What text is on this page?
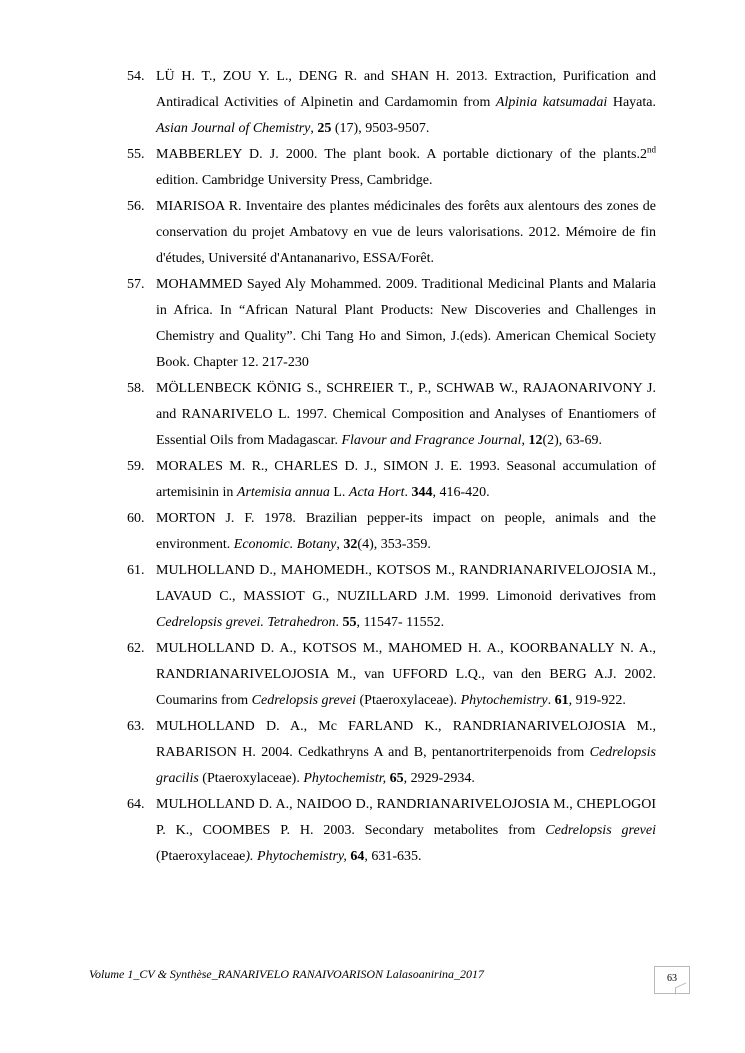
54. LÜ H. T., ZOU Y. L., DENG R. and SHAN H. 2013. Extraction, Purification and Antiradical Activities of Alpinetin and Cardamomin from Alpinia katsumadai Hayata. Asian Journal of Chemistry, 25 (17), 9503-9507.
55. MABBERLEY D. J. 2000. The plant book. A portable dictionary of the plants.2nd edition. Cambridge University Press, Cambridge.
56. MIARISOA R. Inventaire des plantes médicinales des forêts aux alentours des zones de conservation du projet Ambatovy en vue de leurs valorisations. 2012. Mémoire de fin d'études, Université d'Antananarivo, ESSA/Forêt.
57. MOHAMMED Sayed Aly Mohammed. 2009. Traditional Medicinal Plants and Malaria in Africa. In “African Natural Plant Products: New Discoveries and Challenges in Chemistry and Quality”. Chi Tang Ho and Simon, J.(eds). American Chemical Society Book. Chapter 12. 217-230
58. MÖLLENBECK KÖNIG S., SCHREIER T., P., SCHWAB W., RAJAONARIVONY J. and RANARIVELO L. 1997. Chemical Composition and Analyses of Enantiomers of Essential Oils from Madagascar. Flavour and Fragrance Journal, 12(2), 63-69.
59. MORALES M. R., CHARLES D. J., SIMON J. E. 1993. Seasonal accumulation of artemisinin in Artemisia annua L. Acta Hort. 344, 416-420.
60. MORTON J. F. 1978. Brazilian pepper-its impact on people, animals and the environment. Economic. Botany, 32(4), 353-359.
61. MULHOLLAND D., MAHOMEDH., KOTSOS M., RANDRIANARIVELOJOSIA M., LAVAUD C., MASSIOT G., NUZILLARD J.M. 1999. Limonoid derivatives from Cedrelopsis grevei. Tetrahedron. 55, 11547- 11552.
62. MULHOLLAND D. A., KOTSOS M., MAHOMED H. A., KOORBANALLY N. A., RANDRIANARIVELOJOSIA M., van UFFORD L.Q., van den BERG A.J. 2002. Coumarins from Cedrelopsis grevei (Ptaeroxylaceae). Phytochemistry. 61, 919-922.
63. MULHOLLAND D. A., Mc FARLAND K., RANDRIANARIVELOJOSIA M., RABARISON H. 2004. Cedkathryns A and B, pentanortriterpenoids from Cedrelopsis gracilis (Ptaeroxylaceae). Phytochemistr, 65, 2929-2934.
64. MULHOLLAND D. A., NAIDOO D., RANDRIANARIVELOJOSIA M., CHEPLOGOI P. K., COOMBES P. H. 2003. Secondary metabolites from Cedrelopsis grevei (Ptaeroxylaceae). Phytochemistry, 64, 631-635.
Volume 1_CV & Synthèse_RANARIVELO RANAIVOARISON Lalasoanirina_2017	63
